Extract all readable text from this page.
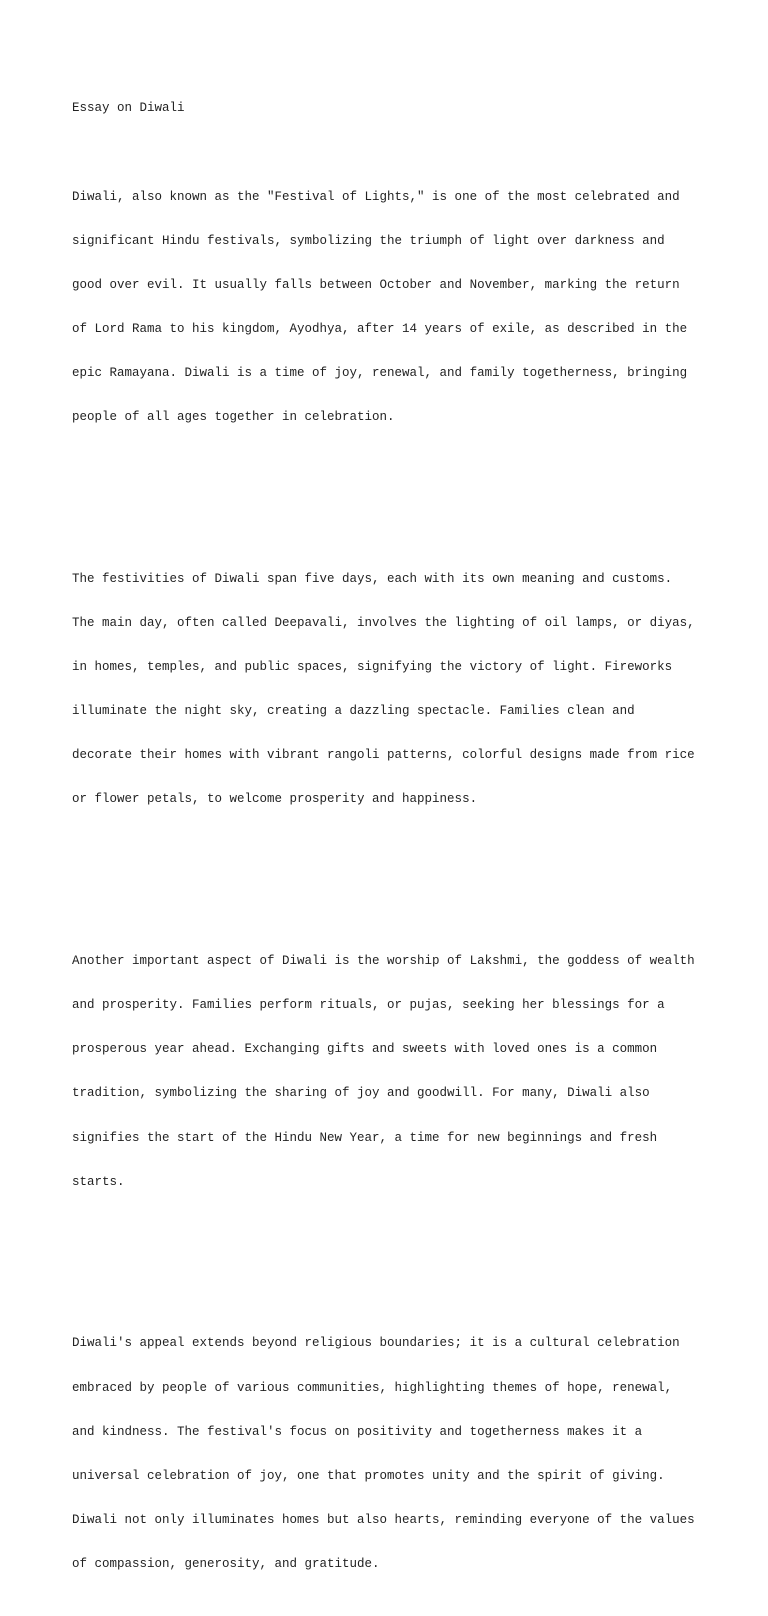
Essay on Diwali

Diwali, also known as the "Festival of Lights," is one of the most celebrated and

significant Hindu festivals, symbolizing the triumph of light over darkness and

good over evil. It usually falls between October and November, marking the return

of Lord Rama to his kingdom, Ayodhya, after 14 years of exile, as described in the

epic Ramayana. Diwali is a time of joy, renewal, and family togetherness, bringing

people of all ages together in celebration.

The festivities of Diwali span five days, each with its own meaning and customs.

The main day, often called Deepavali, involves the lighting of oil lamps, or diyas,

in homes, temples, and public spaces, signifying the victory of light. Fireworks

illuminate the night sky, creating a dazzling spectacle. Families clean and

decorate their homes with vibrant rangoli patterns, colorful designs made from rice

or flower petals, to welcome prosperity and happiness.

Another important aspect of Diwali is the worship of Lakshmi, the goddess of wealth

and prosperity. Families perform rituals, or pujas, seeking her blessings for a

prosperous year ahead. Exchanging gifts and sweets with loved ones is a common

tradition, symbolizing the sharing of joy and goodwill. For many, Diwali also

signifies the start of the Hindu New Year, a time for new beginnings and fresh

starts.

Diwali's appeal extends beyond religious boundaries; it is a cultural celebration

embraced by people of various communities, highlighting themes of hope, renewal,

and kindness. The festival's focus on positivity and togetherness makes it a

universal celebration of joy, one that promotes unity and the spirit of giving.

Diwali not only illuminates homes but also hearts, reminding everyone of the values

of compassion, generosity, and gratitude.
